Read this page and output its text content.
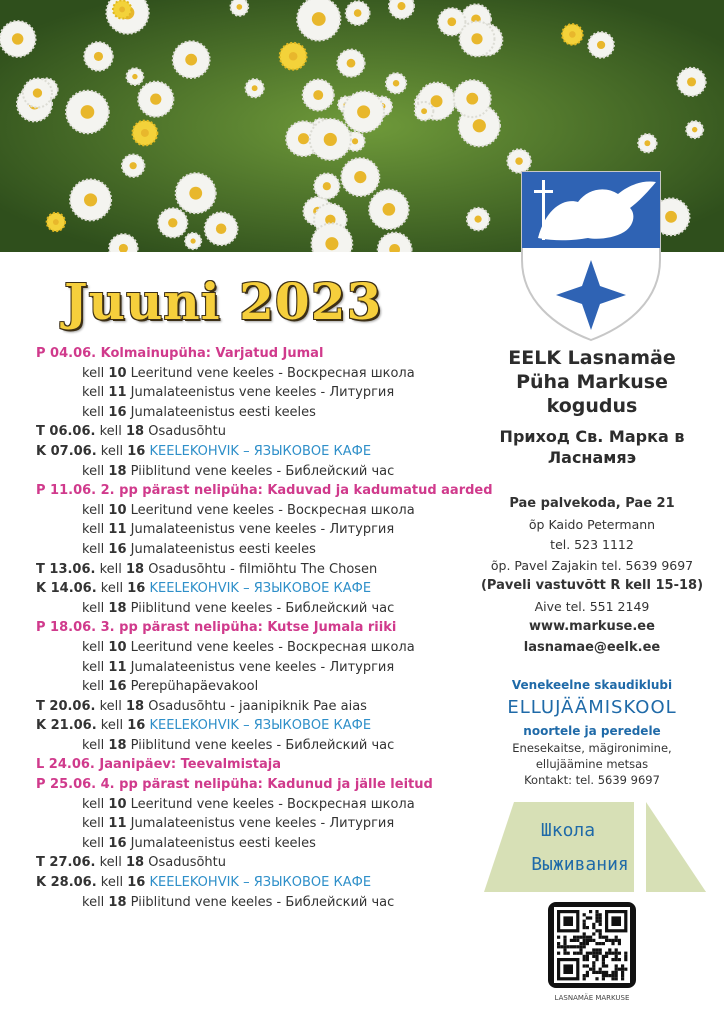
Juuni 2023
P 04.06. Kolmainupüha: Varjatud Jumal
kell 10 Leeritund vene keeles - Воскресная школа
kell 11 Jumalateenistus vene keeles - Литургия
kell 16 Jumalateenistus eesti keeles
T 06.06. kell 18 Osadusõhtu
K 07.06. kell 16 KEELEKOHVIK – ЯЗЫКОВОЕ КАФЕ
kell 18 Piiblitund vene keeles - Библейский час
P 11.06. 2. pp pärast nelipüha: Kaduvad ja kadumatud aarded
kell 10 Leeritund vene keeles - Воскресная школа
kell 11 Jumalateenistus vene keeles - Литургия
kell 16 Jumalateenistus eesti keeles
T 13.06. kell 18 Osadusõhtu - filmiõhtu The Chosen
K 14.06. kell 16 KEELEKOHVIK – ЯЗЫКОВОЕ КАФЕ
kell 18 Piiblitund vene keeles - Библейский час
P 18.06. 3. pp pärast nelipüha: Kutse Jumala riiki
kell 10 Leeritund vene keeles - Воскресная школа
kell 11 Jumalateenistus vene keeles - Литургия
kell 16 Perepühapäevakool
T 20.06. kell 18 Osadusõhtu - jaanipiknik Pae aias
K 21.06. kell 16 KEELEKOHVIK – ЯЗЫКОВОЕ КАФЕ
kell 18 Piiblitund vene keeles - Библейский час
L 24.06. Jaanipäev: Teevalmistaja
P 25.06. 4. pp pärast nelipüha: Kadunud ja jälle leitud
kell 10 Leeritund vene keeles - Воскресная школа
kell 11 Jumalateenistus vene keeles - Литургия
kell 16 Jumalateenistus eesti keeles
T 27.06. kell 18 Osadusõhtu
K 28.06. kell 16 KEELEKOHVIK – ЯЗЫКОВОЕ КАФЕ
kell 18 Piiblitund vene keeles - Библейский час
EELK Lasnamäe
Püha Markuse
kogudus
Приход Св. Марка в
Ласнамяэ
Pae palvekoda, Pae 21
õp Kaido Petermann
tel. 523 1112
õp. Pavel Zajakin tel. 5639 9697
(Paveli vastuvõtt R kell 15-18)
Aive tel. 551 2149
www.markuse.ee
lasnamae@eelk.ee
Venekeelne skaudiklubi
ELLUJÄÄMISKOOL
noortele ja peredele
Enesekaitse, mägironimine,
ellujäämine metsas
Kontakt: tel. 5639 9697
Школа
Выживания
LASNAMÄE MARKUSE
